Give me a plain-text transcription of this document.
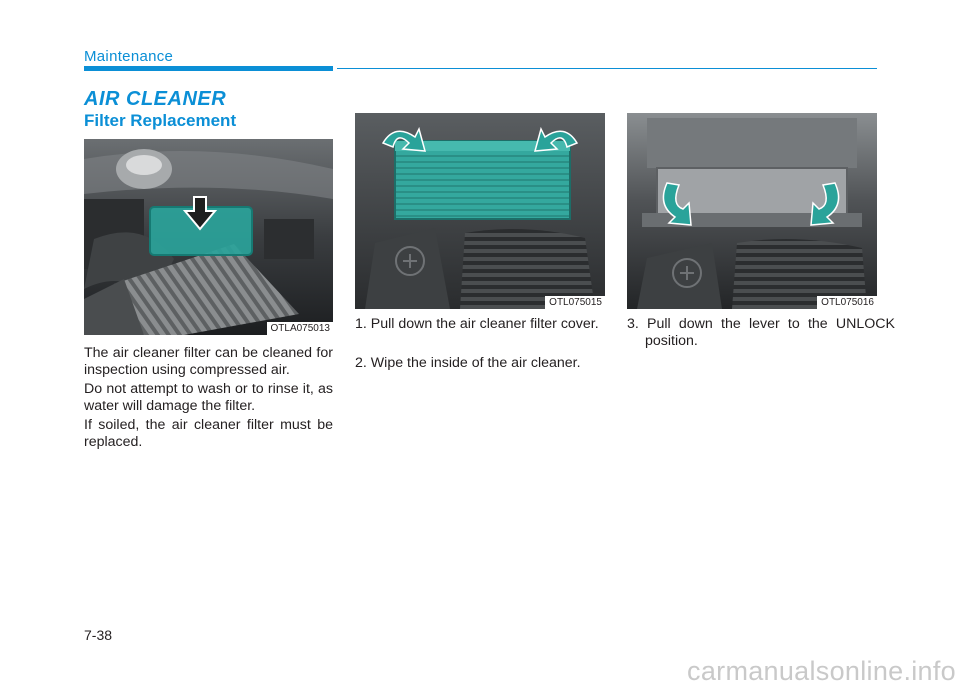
Maintenance
AIR CLEANER
Filter Replacement
OTLA075013
OTL075015	OTL075016

The air cleaner filter can be cleaned for inspection using compressed air.

Do not attempt to wash or to rinse it, as water will damage the filter.

If soiled, the air cleaner filter must be replaced.

1. Pull down the air cleaner filter cover.

2. Wipe the inside of the air cleaner.

3. Pull down the lever to the UNLOCK position.

7-38
carmanualsonline.info
